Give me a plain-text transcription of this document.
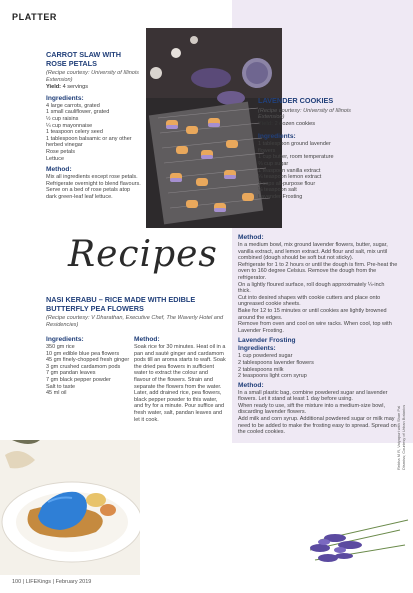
PLATTER
CARROT SLAW WITH ROSE PETALS
(Recipe courtesy: University of Illinois Extension)
Yield: 4 servings
Ingredients:
4 large carrots, grated
1 small cauliflower, grated
½ cup raisins
¼ cup mayonnaise
1 teaspoon celery seed
1 tablespoon balsamic or any other herbed vinegar
Rose petals
Lettuce
Method:

Mix all ingredients except rose petals. Refrigerate overnight to blend flavours. Serve on a bed of rose petals atop dark green-leaf leaf lettuce.

LAVENDER COOKIES
(Recipe courtesy: University of Illinois Extension)
Yield: 2 dozen cookies
Ingredients:
1 tablespoon ground lavender flowers
1 cup butter, room temperature
⅔ cup sugar
1 teaspoon vanilla extract
¼ teaspoon lemon extract
2 cups all-purpose flour
⅛ teaspoon salt
Lavender Frosting
Method:

In a medium bowl, mix ground lavender flowers, butter, sugar, vanilla extract, and lemon extract. Add flour and salt, mix until combined (dough should be soft but not sticky).

Refrigerate for 1 to 2 hours or until the dough is firm. Pre-heat the oven to 160 degree Celsius. Remove the dough from the refrigerator.

On a lightly floured surface, roll dough approximately ¼-inch thick.

Cut into desired shapes with cookie cutters and place onto ungreased cookie sheets.

Bake for 12 to 15 minutes or until cookies are lightly browned around the edges.

Remove from oven and cool on wire racks. When cool, top with Lavender Frosting.

Lavender Frosting
Ingredients:
1 cup powdered sugar
2 tablespoons lavender flowers
2 tablespoons milk
2 teaspoons light corn syrup
Method:

In a small plastic bag, combine powdered sugar and lavender flowers. Let it stand at least 1 day before using.

When ready to use, sift the mixture into a medium-size bowl, discarding lavender flowers.

Add milk and corn syrup. Additional powdered sugar or milk may need to be added to make the frosting easy to spread. Spread on the cooled cookies.

Recipes
NASI KERABU – RICE MADE WITH EDIBLE BUTTERFLY PEA FLOWERS
(Recipe courtesy: V Dharathan, Executive Chef, The Waverly Hotel and Residencies)
Ingredients:
350 gm rice
10 gm edible blue pea flowers
45 gm finely-chopped fresh ginger
3 gm crushed cardamom pods
7 gm pandan leaves
7 gm black pepper powder
Salt to taste
45 ml oil
Method:

Soak rice for 30 minutes. Heat oil in a pan and sauté ginger and cardamom pods till an aroma starts to waft. Soak the dried pea flowers in sufficient water to extract the colour and flavour of the flowers. Strain and separate the flowers from the water. Later, add drained rice, pea flowers, black pepper powder to this water, and fry for a minute. Pour suffice and fresh water, salt, pandan leaves and let it cook.	Rekha M R, Vaiyapuri with Shae Pal Dismiss; Courtesy of Urban Botanics
100 | LIFEKings | February 2019
